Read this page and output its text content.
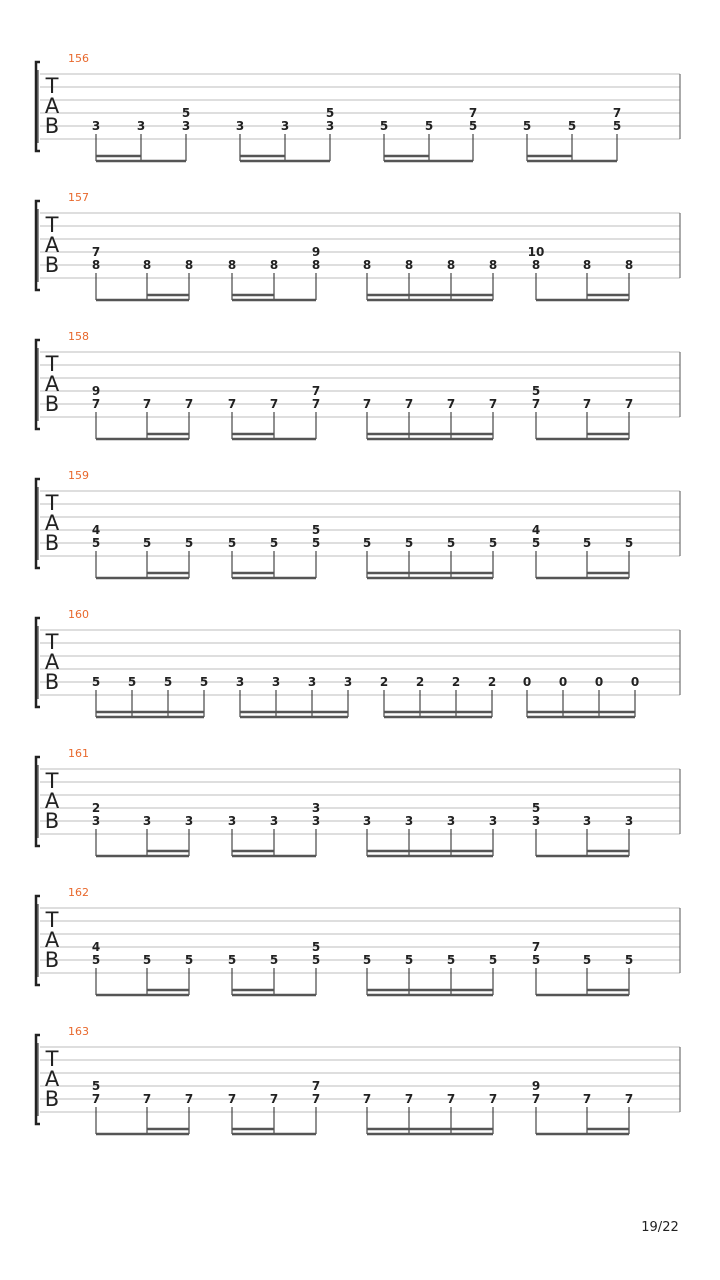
156
T
A
B	3	3
5
3	3	3
5
3	5	5
7
5	5	5
7
5
157
T
A
B
7
8	8	8	8	8
9
8	8	8	8	8
10
8	8	8
158
T
A
B
9
7	7	7	7	7
7
7	7	7	7	7
5
7	7	7
159
T
A
B
4
5	5	5	5	5
5
5	5	5	5	5
4
5	5	5
160
T
A
B	5 5 5 5 3 3 3 3 2 2 2 2 0 0 0 0
161
T
A
B
2
3	3	3	3	3
3
3	3	3	3	3
5
3	3	3
162
T
A
B
4
5	5	5	5	5
5
5	5	5	5	5
7
5	5	5
163
T
A
B
5
7	7	7	7	7
7
7	7	7	7	7
9
7	7	7
19/22
